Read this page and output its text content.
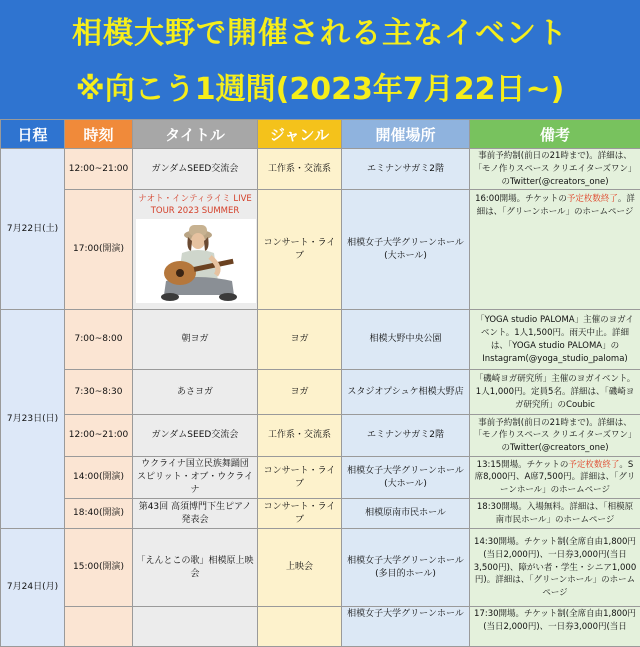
相模大野で開催される主なイベント
※向こう1週間(2023年7月22日~)
日程	時刻	タイトル	ジャンル	開催場所	備考
7月22日(土)	12:00~21:00	ガンダムSEED交流会	工作系・交流系	エミナンサガミ2階	事前予約制(前日の21時まで)。詳細は、「モノ作りスペース クリエイターズワン」のTwitter(@creators_one)
	17:00(開演)	ナオト・インティライミ LIVE TOUR 2023 SUMMER	コンサート・ライブ	相模女子大学グリーンホール(大ホール)	16:00開場。チケットの予定枚数終了。詳細は、「グリーンホール」のホームページ
7月23日(日)	7:00~8:00	朝ヨガ	ヨガ	相模大野中央公園	「YOGA studio PALOMA」主催のヨガイベント。1人1,500円。雨天中止。詳細は、「YOGA studio PALOMA」のInstagram(@yoga_studio_paloma)
	7:30~8:30	あさヨガ	ヨガ	スタジオプシュケ相模大野店	「磯崎ヨガ研究所」主催のヨガイベント。1人1,000円。定員5名。詳細は、「磯崎ヨガ研究所」のCoubic
	12:00~21:00	ガンダムSEED交流会	工作系・交流系	エミナンサガミ2階	事前予約制(前日の21時まで)。詳細は、「モノ作りスペース クリエイターズワン」のTwitter(@creators_one)
	14:00(開演)	ウクライナ国立民族舞踊団 スピリット・オブ・ウクライナ	コンサート・ライブ	相模女子大学グリーンホール(大ホール)	13:15開場。チケットの予定枚数終了。S席8,000円、A席7,500円。詳細は、「グリーンホール」のホームページ
	18:40(開演)	第43回 高須博門下生ピアノ発表会	コンサート・ライブ	相模原南市民ホール	18:30開場。入場無料。詳細は、「相模原南市民ホール」のホームページ
7月24日(月)	15:00(開演)	「えんとこの歌」相模原上映会	上映会	相模女子大学グリーンホール(多目的ホール)	14:30開場。チケット制(全席自由1,800円(当日2,000円)、一日券3,000円(当日3,500円)、障がい者・学生・シニア1,000円)。詳細は、「グリーンホール」のホームページ
				相模女子大学グリーンホール	17:30開場。チケット制(全席自由1,800円(当日2,000円)、一日券3,000円(当日
